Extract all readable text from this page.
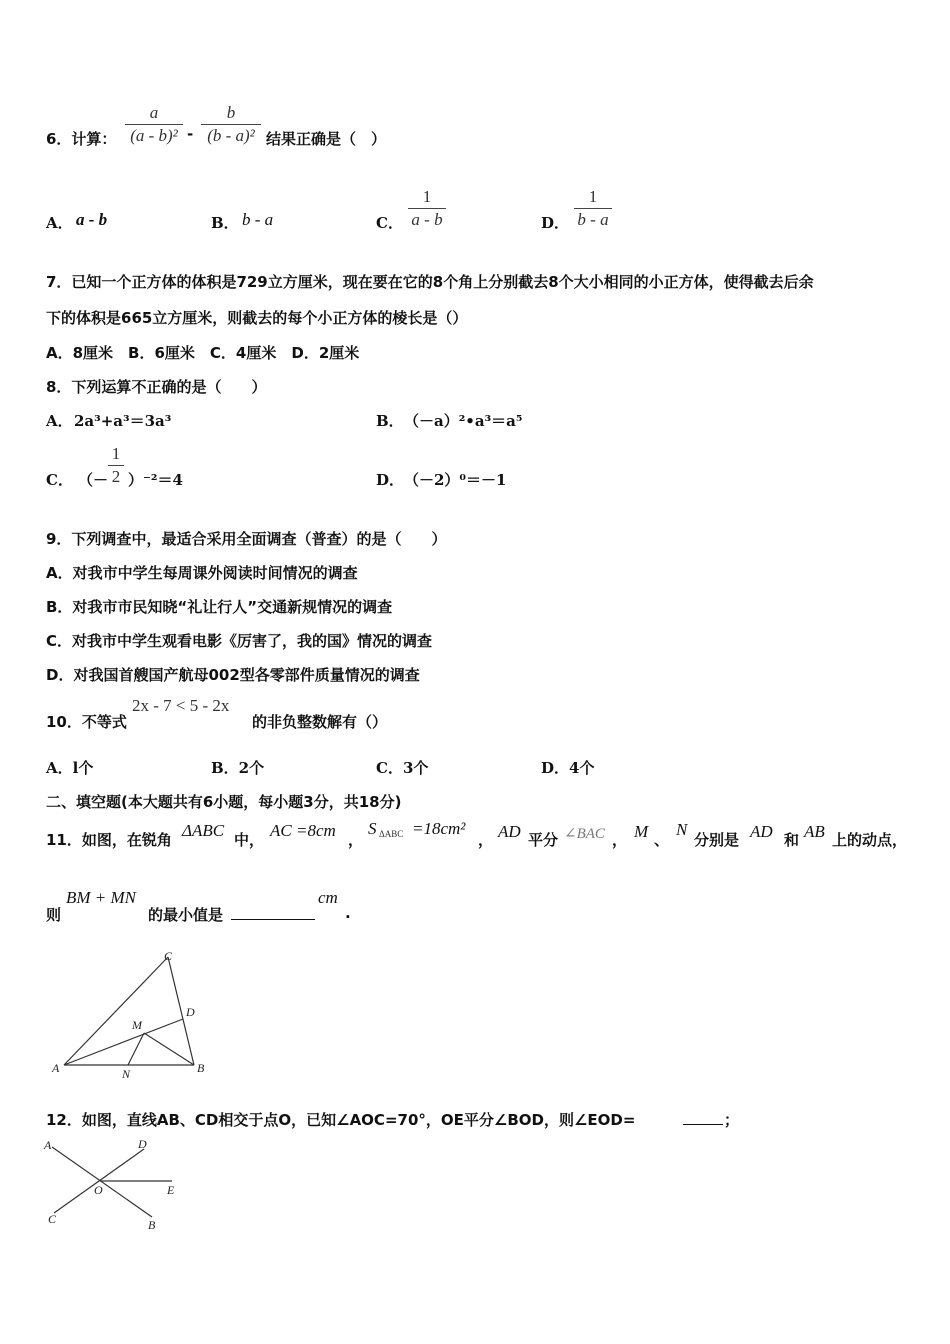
6．计算：
a
(a - b)² -
b
(b - a)² 结果正确是（　）
A． a - b	B． b - a	C．
1
a - b	D．
1
b - a
7．已知一个正方体的体积是729立方厘米，现在要在它的8个角上分别截去8个大小相同的小正方体，使得截去后余
下的体积是665立方厘米，则截去的每个小正方体的棱长是（）
A．8厘米　B．6厘米　C．4厘米　D．2厘米
8．下列运算不正确的是（　　）
A． 2a³+a³＝3a³	B． （－a）²•a³＝a⁵
C． （－
1
2 ）⁻²＝4	D． （－2）⁰＝－1
9．下列调查中，最适合采用全面调查（普查）的是（　　）
A．对我市中学生每周课外阅读时间情况的调查
B．对我市市民知晓“礼让行人”交通新规情况的调查
C．对我市中学生观看电影《厉害了，我的国》情况的调查
D．对我国首艘国产航母002型各零部件质量情况的调查
10．不等式
2x - 7 < 5 - 2x
的非负整数解有（）
A．l个	B．2个	C．3个	D．4个
二、填空题(本大题共有6小题，每小题3分，共18分)
11．如图，在锐角 ΔABC 中， AC =8cm ，
S ΔABC =18cm²
， AD 平分 ∠BAC ， M 、
N
分别是 AD 和 AB 上的动点，
则
BM + MN
的最小值是
cm
.
C
D
M
A	N	B
12．如图，直线AB、CD相交于点O，已知∠AOC=70°，OE平分∠BOD，则∠EOD=	；
A	D
O	E
C	B
